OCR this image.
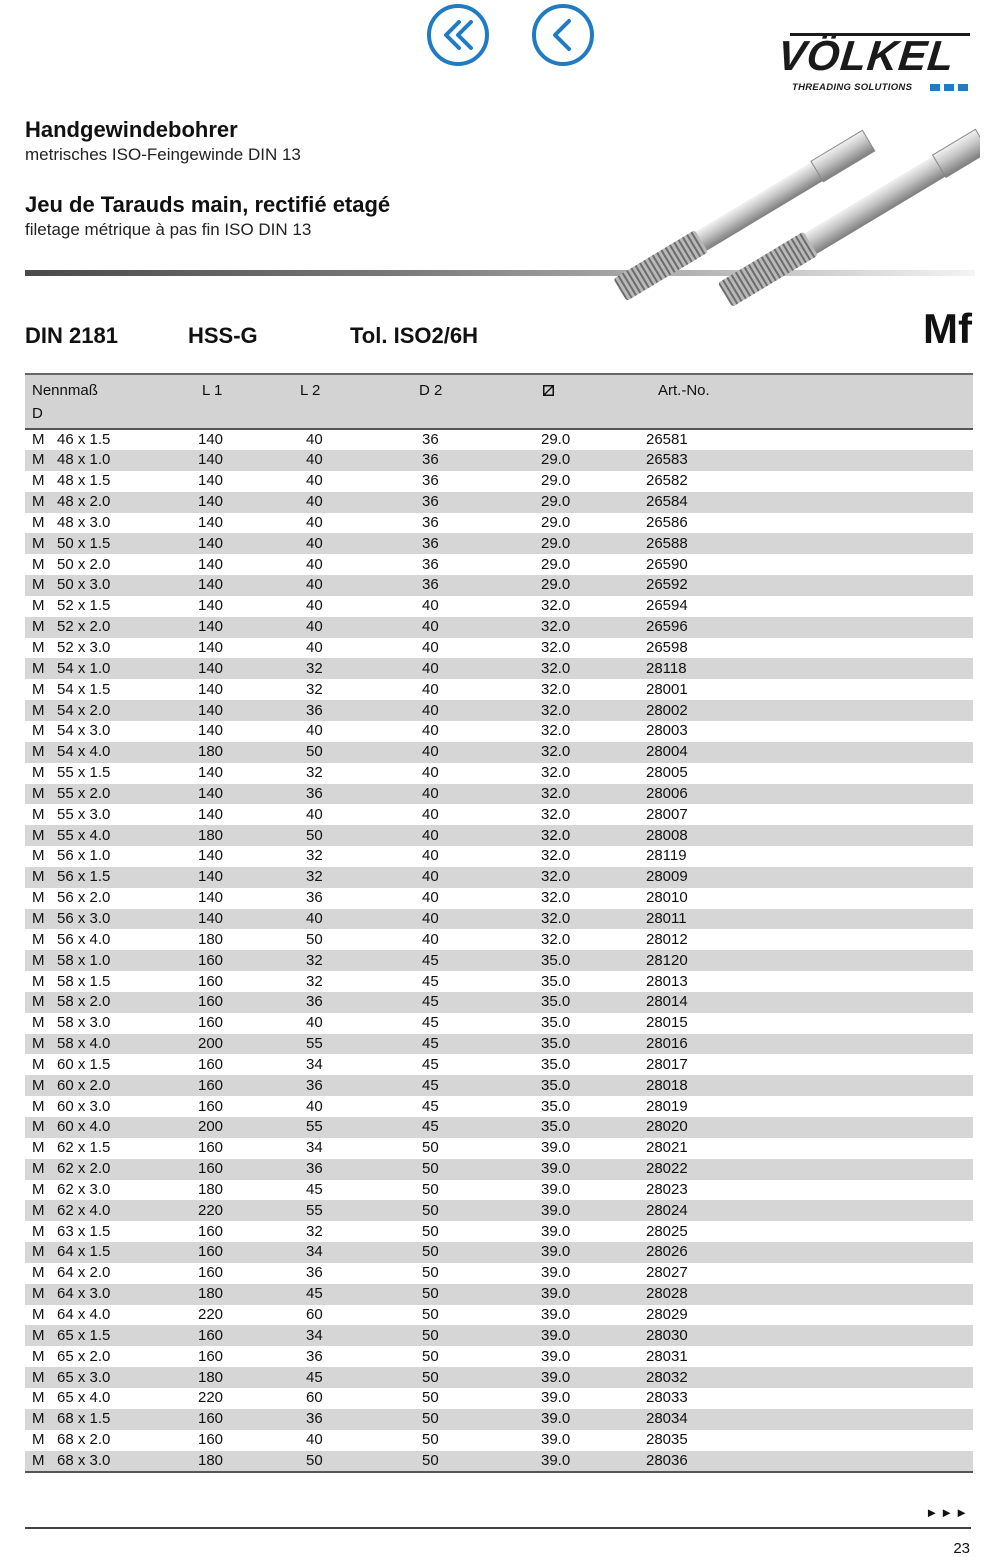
VÖLKEL
THREADING SOLUTIONS
Handgewindebohrer
metrisches ISO-Feingewinde DIN 13
Jeu de Tarauds main, rectifié etagé
filetage métrique à pas fin ISO DIN 13
DIN 2181	HSS-G	Tol. ISO2/6H	Mf
Nennmaß
D	L 1	L 2	D 2		Art.-No.
M   46 x 1.5	140	40	36	29.0	26581
M   48 x 1.0	140	40	36	29.0	26583
M   48 x 1.5	140	40	36	29.0	26582
M   48 x 2.0	140	40	36	29.0	26584
M   48 x 3.0	140	40	36	29.0	26586
M   50 x 1.5	140	40	36	29.0	26588
M   50 x 2.0	140	40	36	29.0	26590
M   50 x 3.0	140	40	36	29.0	26592
M   52 x 1.5	140	40	40	32.0	26594
M   52 x 2.0	140	40	40	32.0	26596
M   52 x 3.0	140	40	40	32.0	26598
M   54 x 1.0	140	32	40	32.0	28118
M   54 x 1.5	140	32	40	32.0	28001
M   54 x 2.0	140	36	40	32.0	28002
M   54 x 3.0	140	40	40	32.0	28003
M   54 x 4.0	180	50	40	32.0	28004
M   55 x 1.5	140	32	40	32.0	28005
M   55 x 2.0	140	36	40	32.0	28006
M   55 x 3.0	140	40	40	32.0	28007
M   55 x 4.0	180	50	40	32.0	28008
M   56 x 1.0	140	32	40	32.0	28119
M   56 x 1.5	140	32	40	32.0	28009
M   56 x 2.0	140	36	40	32.0	28010
M   56 x 3.0	140	40	40	32.0	28011
M   56 x 4.0	180	50	40	32.0	28012
M   58 x 1.0	160	32	45	35.0	28120
M   58 x 1.5	160	32	45	35.0	28013
M   58 x 2.0	160	36	45	35.0	28014
M   58 x 3.0	160	40	45	35.0	28015
M   58 x 4.0	200	55	45	35.0	28016
M   60 x 1.5	160	34	45	35.0	28017
M   60 x 2.0	160	36	45	35.0	28018
M   60 x 3.0	160	40	45	35.0	28019
M   60 x 4.0	200	55	45	35.0	28020
M   62 x 1.5	160	34	50	39.0	28021
M   62 x 2.0	160	36	50	39.0	28022
M   62 x 3.0	180	45	50	39.0	28023
M   62 x 4.0	220	55	50	39.0	28024
M   63 x 1.5	160	32	50	39.0	28025
M   64 x 1.5	160	34	50	39.0	28026
M   64 x 2.0	160	36	50	39.0	28027
M   64 x 3.0	180	45	50	39.0	28028
M   64 x 4.0	220	60	50	39.0	28029
M   65 x 1.5	160	34	50	39.0	28030
M   65 x 2.0	160	36	50	39.0	28031
M   65 x 3.0	180	45	50	39.0	28032
M   65 x 4.0	220	60	50	39.0	28033
M   68 x 1.5	160	36	50	39.0	28034
M   68 x 2.0	160	40	50	39.0	28035
M   68 x 3.0	180	50	50	39.0	28036
►►►
23
